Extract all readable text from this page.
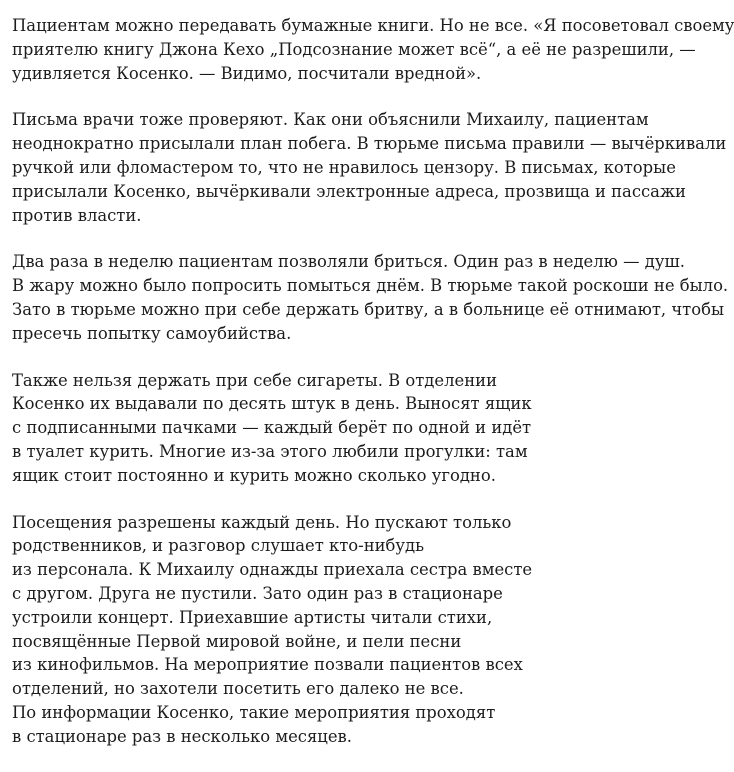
Пациентам можно передавать бумажные книги. Но не все. «Я посоветовал своему
приятелю книгу Джона Кехо „Подсознание может всё“, а её не разрешили, —
удивляется Косенко. — Видимо, посчитали вредной».

Письма врачи тоже проверяют. Как они объяснили Михаилу, пациентам
неоднократно присылали план побега. В тюрьме письма правили — вычёркивали
ручкой или фломастером то, что не нравилось цензору. В письмах, которые
присылали Косенко, вычёркивали электронные адреса, прозвища и пассажи
против власти.

Два раза в неделю пациентам позволяли бриться. Один раз в неделю — душ.
В жару можно было попросить помыться днём. В тюрьме такой роскоши не было.
Зато в тюрьме можно при себе держать бритву, а в больнице её отнимают, чтобы
пресечь попытку самоубийства.

Также нельзя держать при себе сигареты. В отделении
Косенко их выдавали по десять штук в день. Выносят ящик
с подписанными пачками — каждый берёт по одной и идёт
в туалет курить. Многие из-за этого любили прогулки: там
ящик стоит постоянно и курить можно сколько угодно.

Посещения разрешены каждый день. Но пускают только
родственников, и разговор слушает кто-нибудь
из персонала. К Михаилу однажды приехала сестра вместе
с другом. Друга не пустили. Зато один раз в стационаре
устроили концерт. Приехавшие артисты читали стихи,
посвящённые Первой мировой войне, и пели песни
из кинофильмов. На мероприятие позвали пациентов всех
отделений, но захотели посетить его далеко не все.
По информации Косенко, такие мероприятия проходят
в стационаре раз в несколько месяцев.
